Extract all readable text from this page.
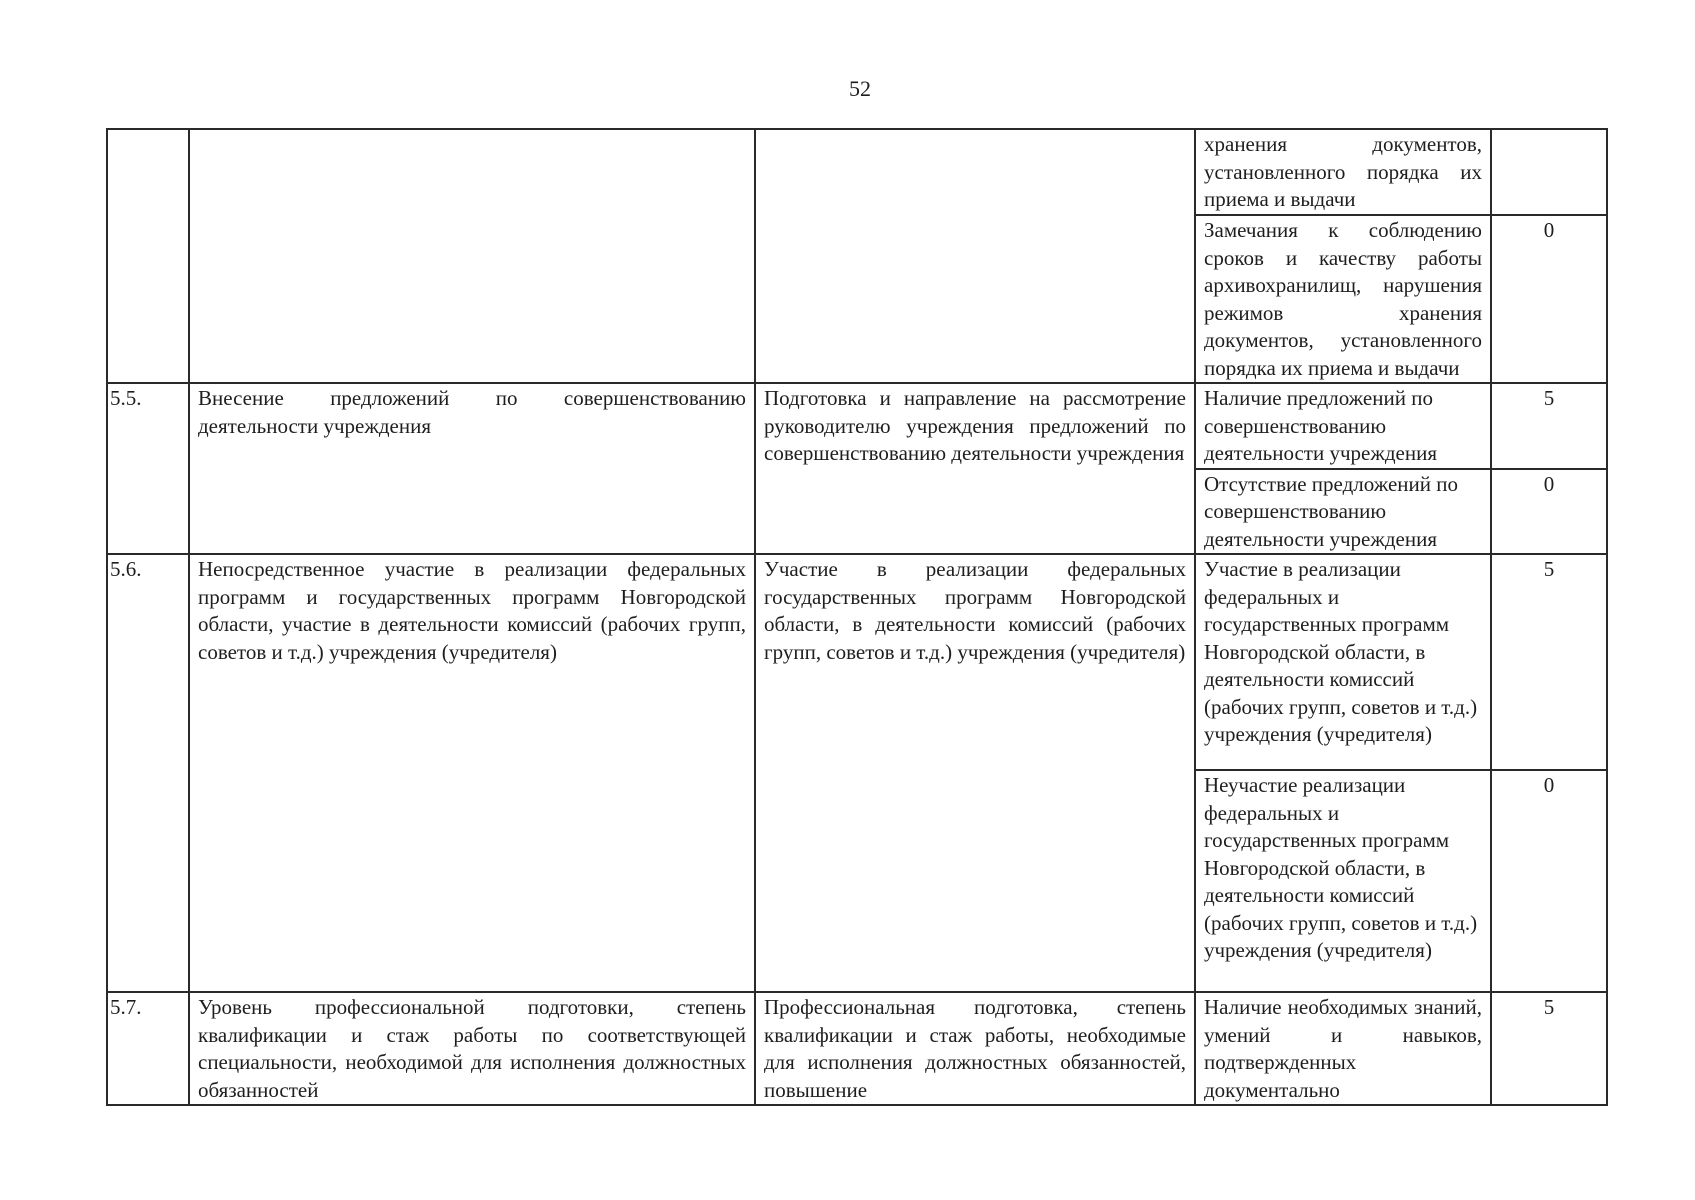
52
			хранения документов, установленного порядка их приема и выдачи	
			Замечания к соблюдению сроков и качеству работы архивохранилищ, нарушения режимов хранения документов, установленного порядка их приема и выдачи	0
5.5.	Внесение предложений по совершенствованию деятельности учреждения	Подготовка и направление на рассмотрение руководителю учреждения предложений по совершенствованию деятельности учреждения	Наличие предложений по совершенствованию деятельности учреждения	5
			Отсутствие предложений по совершенствованию деятельности учреждения	0
5.6.	Непосредственное участие в реализации федеральных программ и государственных программ Новгородской области, участие в деятельности комиссий (рабочих групп, советов и т.д.) учреждения (учредителя)	Участие в реализации федеральных государственных программ Новгородской области, в деятельности комиссий (рабочих групп, советов и т.д.) учреждения (учредителя)	Участие в реализации федеральных и государственных программ Новгородской области, в деятельности комиссий (рабочих групп, советов и т.д.) учреждения (учредителя)	5
			Неучастие реализации федеральных и государственных программ Новгородской области, в деятельности комиссий (рабочих групп, советов и т.д.) учреждения (учредителя)	0

5.7.	Уровень профессиональной подготовки, степень квалификации и стаж работы по соответствующей специальности, необходимой для исполнения должностных обязанностей	Профессиональная подготовка, степень квалификации и стаж работы, необходимые для исполнения должностных обязанностей, повышение	Наличие необходимых знаний, умений и навыков, подтвержденных документально	5
